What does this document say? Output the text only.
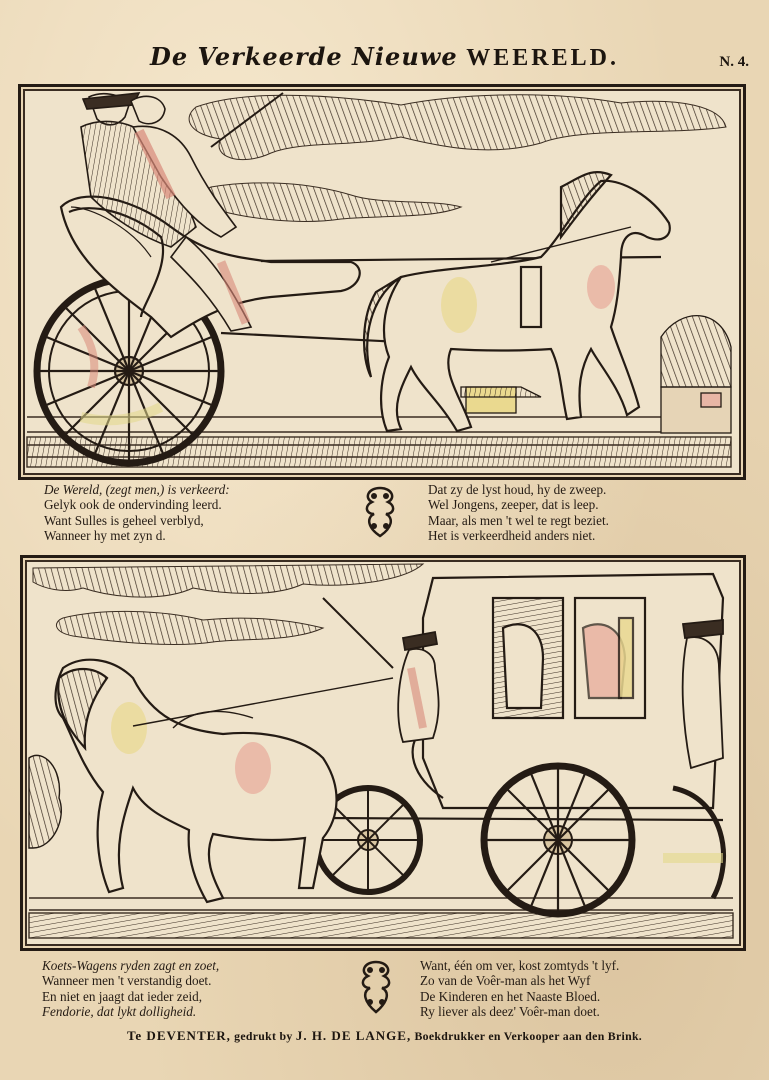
De Verkeerde Nieuwe WEERELD.	N. 4.
De Wereld, (zegt men,) is verkeerd:
Gelyk ook de ondervinding leerd.
Want Sulles is geheel verblyd,
Wanneer hy met zyn d.
Dat zy de lyst houd, hy de zweep.
Wel Jongens, zeeper, dat is leep.
Maar, als men 't wel te regt beziet.
Het is verkeerdheid anders niet.
Koets-Wagens ryden zagt en zoet,
Wanneer men 't verstandig doet.
En niet en jaagt dat ieder zeid,
Fendorie, dat lykt dolligheid.
Want, één om ver, kost zomtyds 't lyf.
Zo van de Voêr-man als het Wyf
De Kinderen en het Naaste Bloed.
Ry liever als deez' Voêr-man doet.
Te DEVENTER, gedrukt by J. H. DE LANGE, Boekdrukker en Verkooper aan den Brink.
